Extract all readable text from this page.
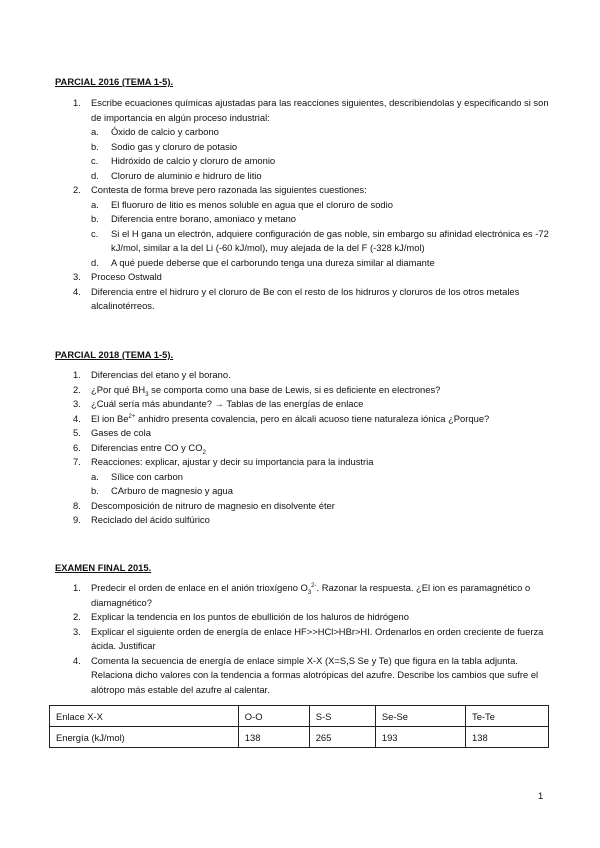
PARCIAL 2016 (TEMA 1-5).
1. Escribe ecuaciones químicas ajustadas para las reacciones siguientes, describiendolas y especificando si son de importancia en algún proceso industrial:
a. Óxido de calcio y carbono
b. Sodio gas y cloruro de potasio
c. Hidróxido de calcio y cloruro de amonio
d. Cloruro de aluminio e hidruro de litio
2. Contesta de forma breve pero razonada las siguientes cuestiones:
a. El fluoruro de litio es menos soluble en agua que el cloruro de sodio
b. Diferencia entre borano, amoniaco y metano
c. Si el H gana un electrón, adquiere configuración de gas noble, sin embargo su afinidad electrónica es -72 kJ/mol, similar a la del Li (-60 kJ/mol), muy alejada de la del F (-328 kJ/mol)
d. A qué puede deberse que el carborundo tenga una dureza similar al diamante
3. Proceso Ostwald
4. Diferencia entre el hidruro y el cloruro de Be con el resto de los hidruros y cloruros de los otros metales alcalinotérreos.
PARCIAL 2018 (TEMA 1-5).
1. Diferencias del etano y el borano.
2. ¿Por qué $BH_3$ se comporta como una base de Lewis, si es deficiente en electrones?
3. ¿Cuál sería más abundante? → Tablas de las energías de enlace
4. El ion $Be^{2+}$ anhidro presenta covalencia, pero en álcali acuoso tiene naturaleza iónica ¿Porque?
5. Gases de cola
6. Diferencias entre CO y $CO_2$
7. Reacciones: explicar, ajustar y decir su importancia para la industria
a. Sílice con carbon
b. CArburo de magnesio y agua
8. Descomposición de nitruro de magnesio en disolvente éter
9. Reciclado del ácido sulfúrico
EXAMEN FINAL 2015.
1. Predecir el orden de enlace en el anión trioxígeno $O_3^{2-}$. Razonar la respuesta. ¿El ion es paramagnético o diamagnético?
2. Explicar la tendencia en los puntos de ebullición de los haluros de hidrógeno
3. Explicar el siguiente orden de energía de enlace HF>>HCl>HBr>HI. Ordenarlos en orden creciente de fuerza ácida. Justificar
4. Comenta la secuencia de energía de enlace simple X-X (X=S,S Se y Te) que figura en la tabla adjunta. Relaciona dicho valores con la tendencia a formas alotrópicas del azufre. Describe los cambios que sufre el alótropo más estable del azufre al calentar.
Enlace X-X	O-O	S-S	Se-Se	Te-Te
Energía (kJ/mol)	138	265	193	138
1
